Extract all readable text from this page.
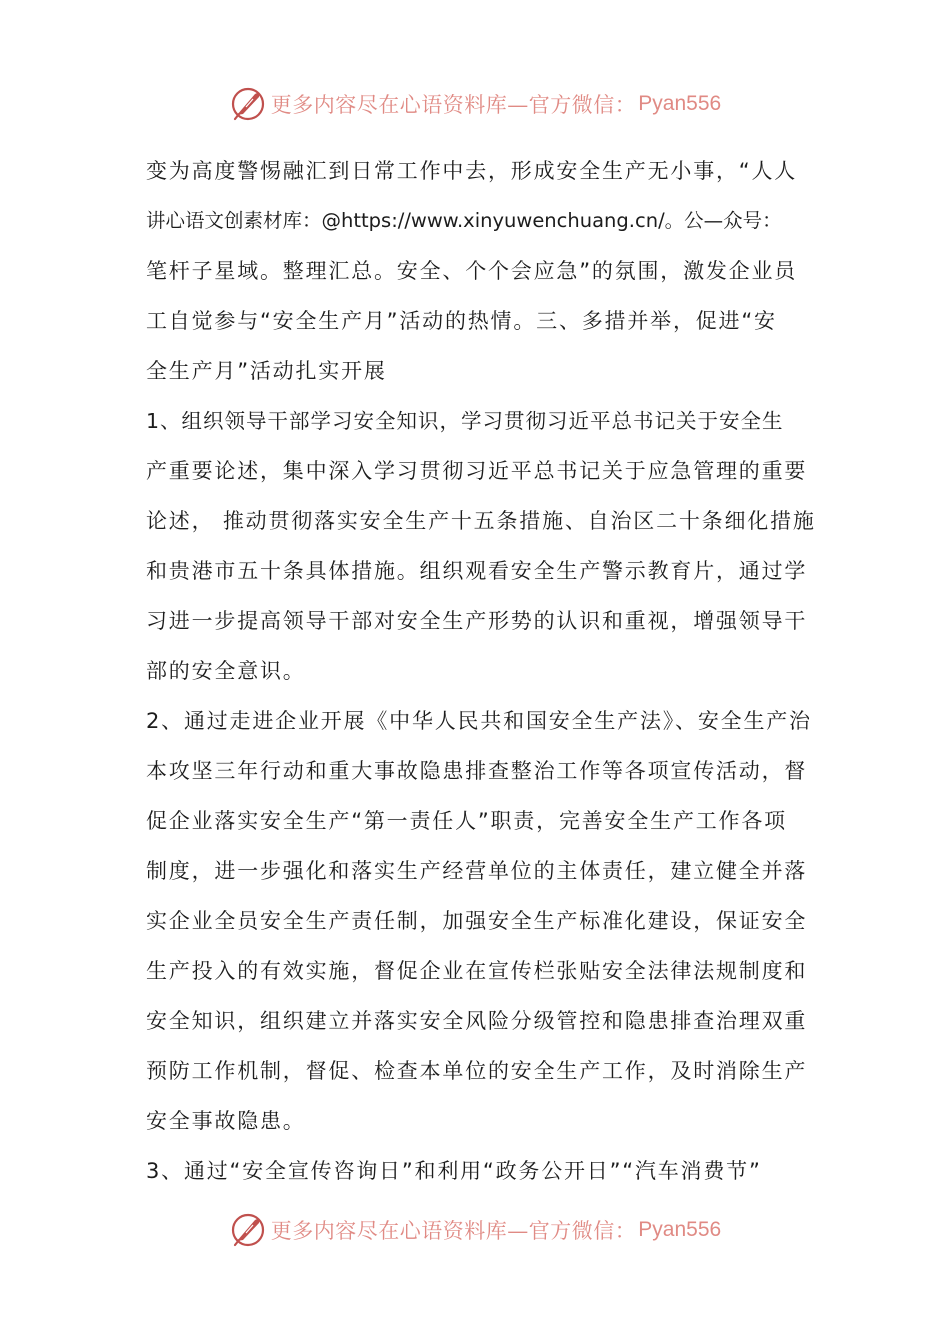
更多内容尽在心语资料库—官方微信： Pyan556
变为高度警惕融汇到日常工作中去，形成安全生产无小事，“人人
讲心语文创素材库：@https://www.xinyuwenchuang.cn/。公—众号：
笔杆子星域。整理汇总。安全、个个会应急”的氛围，激发企业员
工自觉参与“安全生产月”活动的热情。三、多措并举，促进“安
全生产月”活动扎实开展
1、组织领导干部学习安全知识，学习贯彻习近平总书记关于安全生
产重要论述，集中深入学习贯彻习近平总书记关于应急管理的重要
论述， 推动贯彻落实安全生产十五条措施、自治区二十条细化措施
和贵港市五十条具体措施。组织观看安全生产警示教育片，通过学
习进一步提高领导干部对安全生产形势的认识和重视，增强领导干
部的安全意识。
2、通过走进企业开展《中华人民共和国安全生产法》、安全生产治
本攻坚三年行动和重大事故隐患排查整治工作等各项宣传活动，督
促企业落实安全生产“第一责任人”职责，完善安全生产工作各项
制度，进一步强化和落实生产经营单位的主体责任，建立健全并落
实企业全员安全生产责任制，加强安全生产标准化建设，保证安全
生产投入的有效实施，督促企业在宣传栏张贴安全法律法规制度和
安全知识，组织建立并落实安全风险分级管控和隐患排查治理双重
预防工作机制，督促、检查本单位的安全生产工作，及时消除生产
安全事故隐患。
3、通过“安全宣传咨询日”和利用“政务公开日”“汽车消费节”
更多内容尽在心语资料库—官方微信： Pyan556
